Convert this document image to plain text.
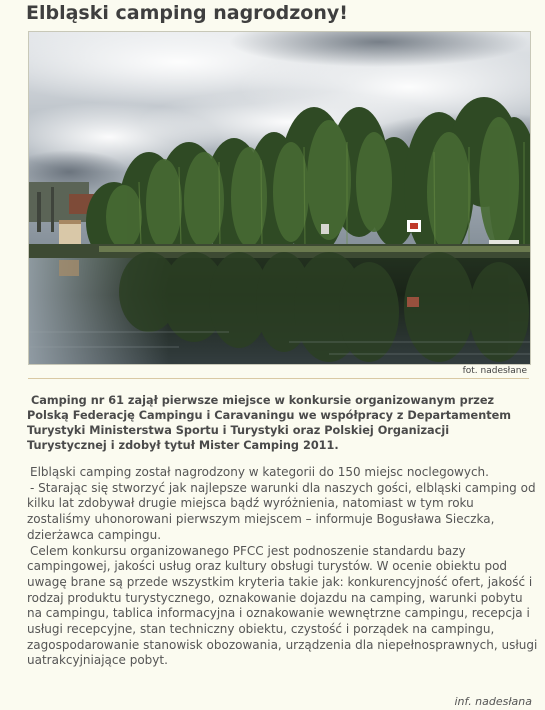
Elbląski camping nagrodzony!
fot. nadesłane

Camping nr 61 zajął pierwsze miejsce w konkursie organizowanym przez Polską Federację Campingu i Caravaningu we współpracy z Departamentem Turystyki Ministerstwa Sportu i Turystyki oraz Polskiej Organizacji Turystycznej i zdobył tytuł Mister Camping 2011.

Elbląski camping został nagrodzony w kategorii do 150 miejsc noclegowych.

- Starając się stworzyć jak najlepsze warunki dla naszych gości, elbląski camping od kilku lat zdobywał drugie miejsca bądź wyróżnienia, natomiast w tym roku zostaliśmy uhonorowani pierwszym miejscem – informuje Bogusława Sieczka, dzierżawca campingu.

Celem konkursu organizowanego PFCC jest podnoszenie standardu bazy campingowej, jakości usług oraz kultury obsługi turystów. W ocenie obiektu pod uwagę brane są przede wszystkim kryteria takie jak: konkurencyjność ofert, jakość i rodzaj produktu turystycznego, oznakowanie dojazdu na camping, warunki pobytu na campingu, tablica informacyjna i oznakowanie wewnętrzne campingu, recepcja i usługi recepcyjne, stan techniczny obiektu, czystość i porządek na campingu, zagospodarowanie stanowisk obozowania, urządzenia dla niepełnosprawnych, usługi uatrakcyjniające pobyt.

inf. nadesłana
